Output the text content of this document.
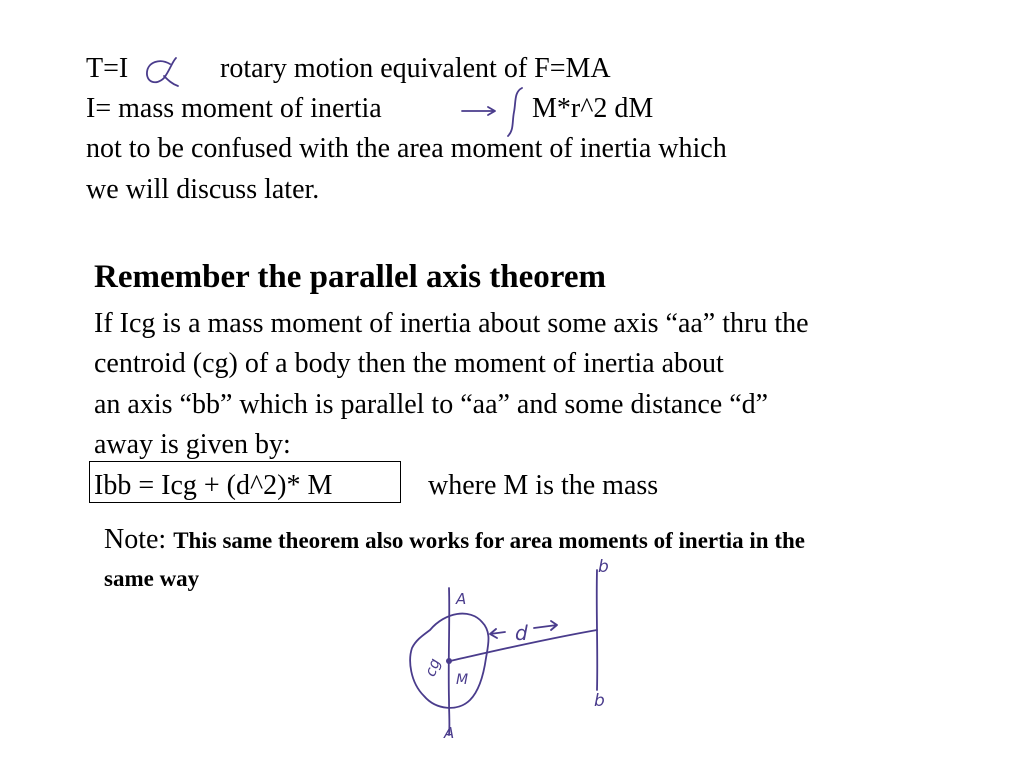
T=I	rotary motion equivalent of F=MA
I= mass moment of inertia	M*r^2 dM
not to be confused with the area moment of inertia which
we will discuss later.
Remember the parallel axis theorem
If Icg is a mass moment of inertia about some axis “aa” thru the
centroid (cg) of a body then the moment of inertia about
an axis “bb” which is parallel to “aa” and some distance “d”
away is given by:
Ibb = Icg + (d^2)* M	where M is the mass
Note: This same theorem also works for area moments of inertia in the
same way
d
A
A
b
b
cg
M
